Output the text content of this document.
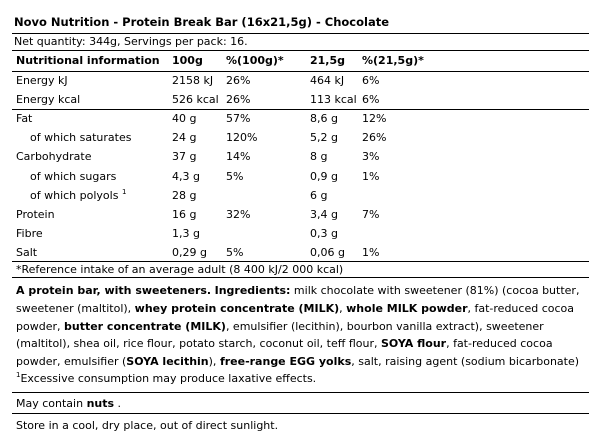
Novo Nutrition - Protein Break Bar (16x21,5g) - Chocolate
Net quantity: 344g, Servings per pack: 16.
Nutritional information	100g	%(100g)*	21,5g	%(21,5g)*
Energy kJ	2158 kJ	26%	464 kJ	6%
Energy kcal	526 kcal	26%	113 kcal	6%
Fat	40 g	57%	8,6 g	12%
of which saturates	24 g	120%	5,2 g	26%
Carbohydrate	37 g	14%	8 g	3%
of which sugars	4,3 g	5%	0,9 g	1%
of which polyols $^1$	28 g		6 g	
Protein	16 g	32%	3,4 g	7%
Fibre	1,3 g		0,3 g	
Salt	0,29 g	5%	0,06 g	1%
*Reference intake of an average adult (8 400 kJ/2 000 kcal)
A protein bar, with sweeteners. Ingredients: milk chocolate with sweetener (81%) (cocoa butter, sweetener (maltitol), whey protein concentrate (MILK), whole MILK powder, fat-reduced cocoa powder, butter concentrate (MILK), emulsifier (lecithin), bourbon vanilla extract), sweetener (maltitol), shea oil, rice flour, potato starch, coconut oil, teff flour, SOYA flour, fat-reduced cocoa powder, emulsifier (SOYA lecithin), free-range EGG yolks, salt, raising agent (sodium bicarbonate)
$^1$Excessive consumption may produce laxative effects.
May contain nuts .
Store in a cool, dry place, out of direct sunlight.
